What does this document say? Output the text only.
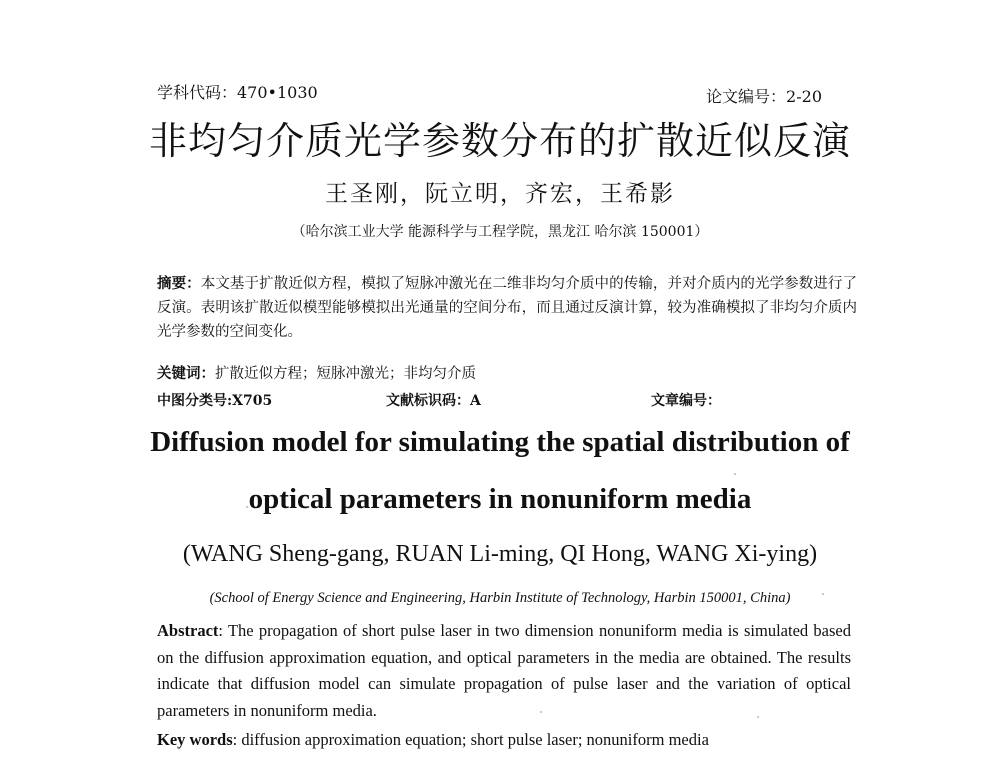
学科代码：470•1030	论文编号：2-20
非均匀介质光学参数分布的扩散近似反演
王圣刚，阮立明，齐宏，王希影
（哈尔滨工业大学 能源科学与工程学院，黑龙江 哈尔滨 150001）
摘要：本文基于扩散近似方程，模拟了短脉冲激光在二维非均匀介质中的传输，并对介质内的光学参数进行了反演。表明该扩散近似模型能够模拟出光通量的空间分布，而且通过反演计算，较为准确模拟了非均匀介质内光学参数的空间变化。
关键词：扩散近似方程；短脉冲激光；非均匀介质
中图分类号:X705	文献标识码：A	文章编号：
Diffusion model for simulating the spatial distribution of
optical parameters in nonuniform media
(WANG Sheng-gang, RUAN Li-ming, QI Hong, WANG Xi-ying)
(School of Energy Science and Engineering, Harbin Institute of Technology, Harbin 150001, China)
Abstract: The propagation of short pulse laser in two dimension nonuniform media is simulated based on the diffusion approximation equation, and optical parameters in the media are obtained. The results indicate that diffusion model can simulate propagation of pulse laser and the variation of optical parameters in nonuniform media.
Key words: diffusion approximation equation; short pulse laser; nonuniform media
